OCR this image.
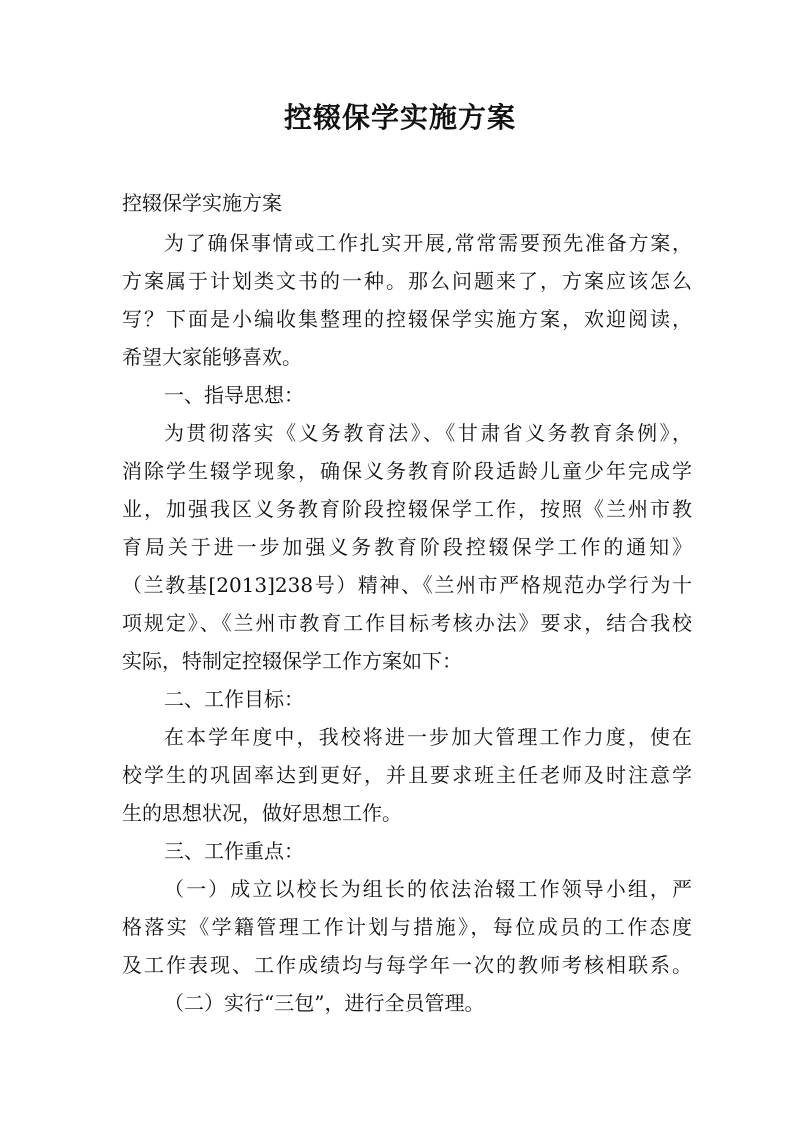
控辍保学实施方案
控辍保学实施方案
为了确保事情或工作扎实开展,常常需要预先准备方案，
方案属于计划类文书的一种。那么问题来了，方案应该怎么
写？下面是小编收集整理的控辍保学实施方案，欢迎阅读，
希望大家能够喜欢。
一、指导思想：
为贯彻落实《义务教育法》、《甘肃省义务教育条例》，
消除学生辍学现象，确保义务教育阶段适龄儿童少年完成学
业，加强我区义务教育阶段控辍保学工作，按照《兰州市教
育局关于进一步加强义务教育阶段控辍保学工作的通知》
（兰教基[2013]238号）精神、《兰州市严格规范办学行为十
项规定》、《兰州市教育工作目标考核办法》要求，结合我校
实际，特制定控辍保学工作方案如下：
二、工作目标：
在本学年度中，我校将进一步加大管理工作力度，使在
校学生的巩固率达到更好，并且要求班主任老师及时注意学
生的思想状况，做好思想工作。
三、工作重点：
（一）成立以校长为组长的依法治辍工作领导小组，严
格落实《学籍管理工作计划与措施》，每位成员的工作态度
及工作表现、工作成绩均与每学年一次的教师考核相联系。
（二）实行“三包”，进行全员管理。
